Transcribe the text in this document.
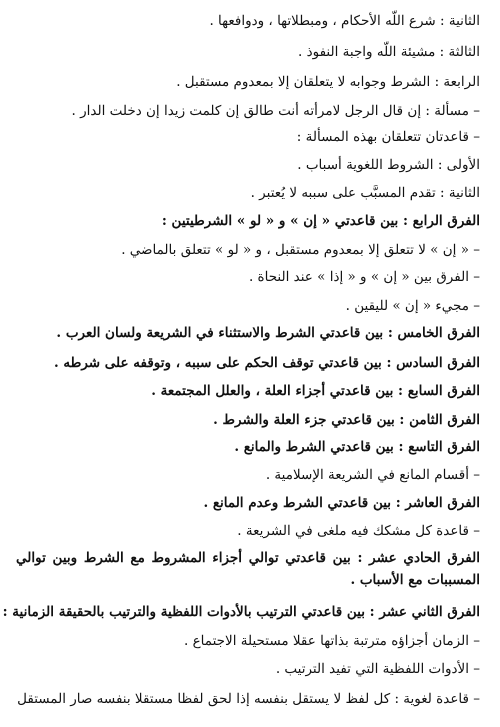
الثانية : شرع اللّه الأحكام ، ومبطلاتها ، ودوافعها .
الثالثة : مشيئة اللّه واجبة النفوذ .
الرابعة : الشرط وجوابه لا يتعلقان إلا بمعدوم مستقبل .
– مسألة : إن قال الرجل لامرأته أنت طالق إن كلمت زيدا إن دخلت الدار .
– قاعدتان تتعلقان بهذه المسألة :
الأولى : الشروط اللغوية أسباب .
الثانية : تقدم المسبَّب على سببه لا يُعتبر .
الفرق الرابع : بين قاعدتي « إن » و « لو » الشرطيتين :
– « إن » لا تتعلق إلا بمعدوم مستقبل ، و « لو » تتعلق بالماضي .
– الفرق بين « إن » و « إذا » عند النحاة .
– مجيء « إن » لليقين .
الفرق الخامس : بين قاعدتي الشرط والاستثناء في الشريعة ولسان العرب .
الفرق السادس : بين قاعدتي توقف الحكم على سببه ، وتوقفه على شرطه .
الفرق السابع : بين قاعدتي أجزاء العلة ، والعلل المجتمعة .
الفرق الثامن : بين قاعدتي جزء العلة والشرط .
الفرق التاسع : بين قاعدتي الشرط والمانع .
– أقسام المانع في الشريعة الإسلامية .
الفرق العاشر : بين قاعدتي الشرط وعدم المانع .
– قاعدة كل مشكك فيه ملغى في الشريعة .
الفرق الحادي عشر : بين قاعدتي توالي أجزاء المشروط مع الشرط وبين توالي المسببات مع الأسباب .
الفرق الثاني عشر : بين قاعدتي الترتيب بالأدوات اللفظية والترتيب بالحقيقة الزمانية :
– الزمان أجزاؤه مترتبة بذاتها عقلا مستحيلة الاجتماع .
– الأدوات اللفظية التي تفيد الترتيب .
– قاعدة لغوية : كل لفظ لا يستقل بنفسه إذا لحق لفظا مستقلا بنفسه صار المستقل
